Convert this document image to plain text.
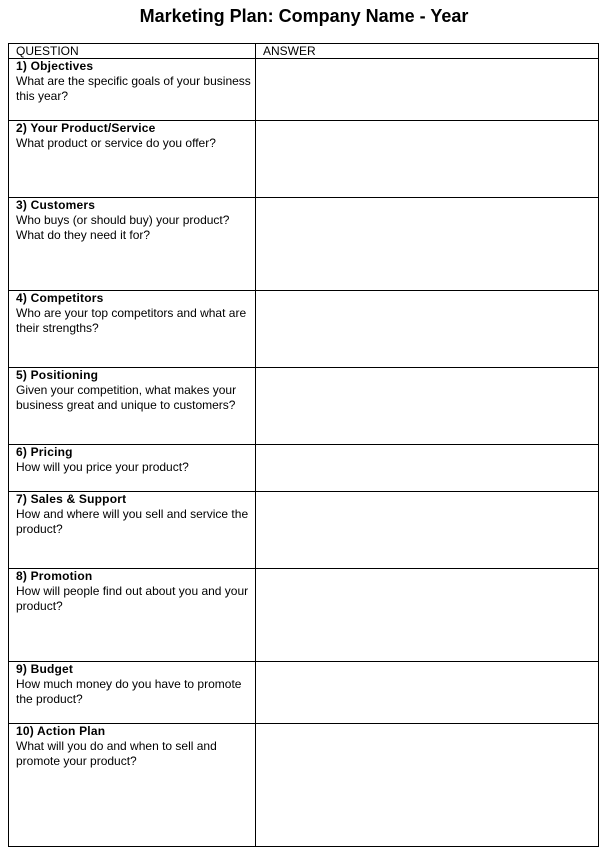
Marketing Plan: Company Name - Year
QUESTION	ANSWER
1) Objectives
What are the specific goals of your business this year?	

2) Your Product/Service
What product or service do you offer?	

3) Customers
Who buys (or should buy) your product? What do they need it for?	

4) Competitors
Who are your top competitors and what are their strengths?	

5) Positioning
Given your competition, what makes your business great and unique to customers?	

6) Pricing
How will you price your product?	

7) Sales & Support
How and where will you sell and service the product?	

8) Promotion
How will people find out about you and your product?	

9) Budget
How much money do you have to promote the product?	

10) Action Plan
What will you do and when to sell and promote your product?	
